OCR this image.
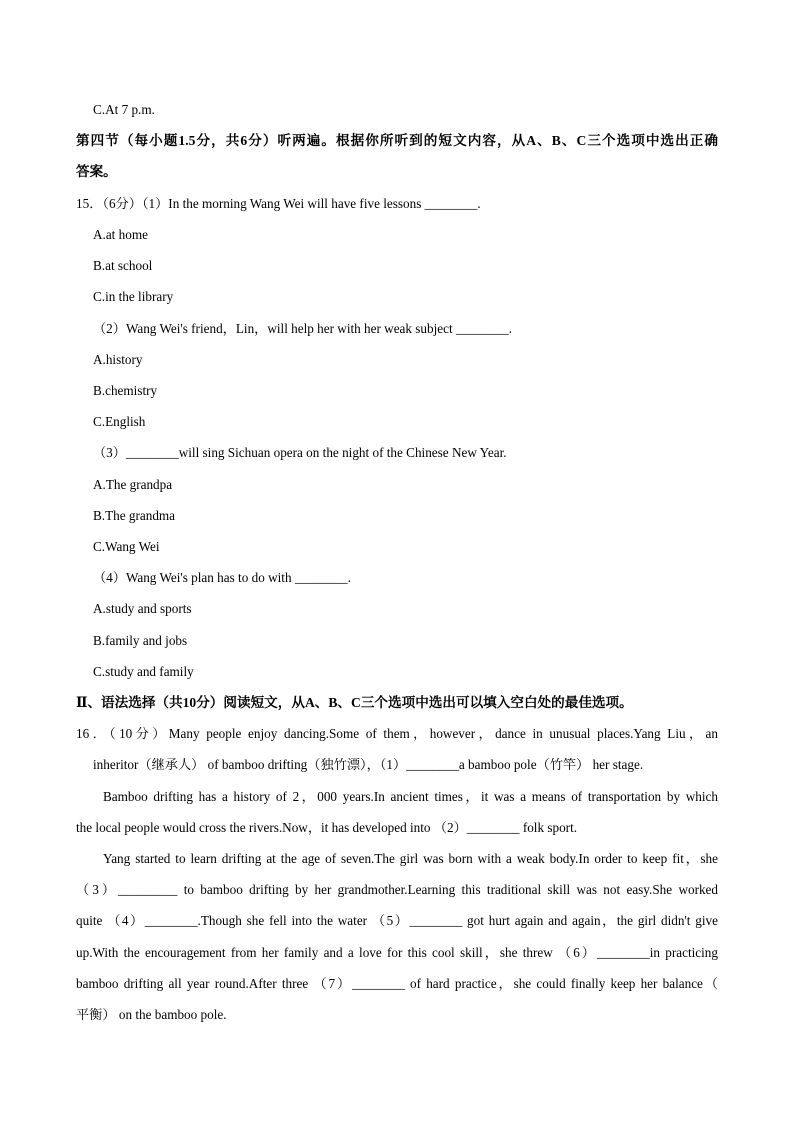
C.At 7 p.m.
第四节（每小题1.5分，共6分）听两遍。根据你所听到的短文内容，从A、B、C三个选项中选出正确
答案。
15．（6分）（1）In the morning Wang Wei will have five lessons ________.
A.at home
B.at school
C.in the library
（2）Wang Wei's friend，Lin，will help her with her weak subject ________.
A.history
B.chemistry
C.English
（3）________will sing Sichuan opera on the night of the Chinese New Year.
A.The grandpa
B.The grandma
C.Wang Wei
（4）Wang Wei's plan has to do with ________.
A.study and sports
B.family and jobs
C.study and family
Ⅱ、语法选择（共10分）阅读短文，从A、B、C三个选项中选出可以填入空白处的最佳选项。
16．（10分）Many people enjoy dancing.Some of them，however，dance in unusual places.Yang Liu，an
inheritor（继承人） of bamboo drifting（独竹漂），（1）________a bamboo pole（竹竿） her stage.
Bamboo drifting has a history of 2，000 years.In ancient times，it was a means of transportation by which
the local people would cross the rivers.Now，it has developed into （2）________ folk sport.
Yang started to learn drifting at the age of seven.The girl was born with a weak body.In order to keep fit，she
（3）_________ to bamboo drifting by her grandmother.Learning this traditional skill was not easy.She worked
quite （4）________.Though she fell into the water （5）________ got hurt again and again，the girl didn't give
up.With the encouragement from her family and a love for this cool skill，she threw （6）________in practicing
bamboo drifting all year round.After three （7）________ of hard practice，she could finally keep her balance（
平衡） on the bamboo pole.
